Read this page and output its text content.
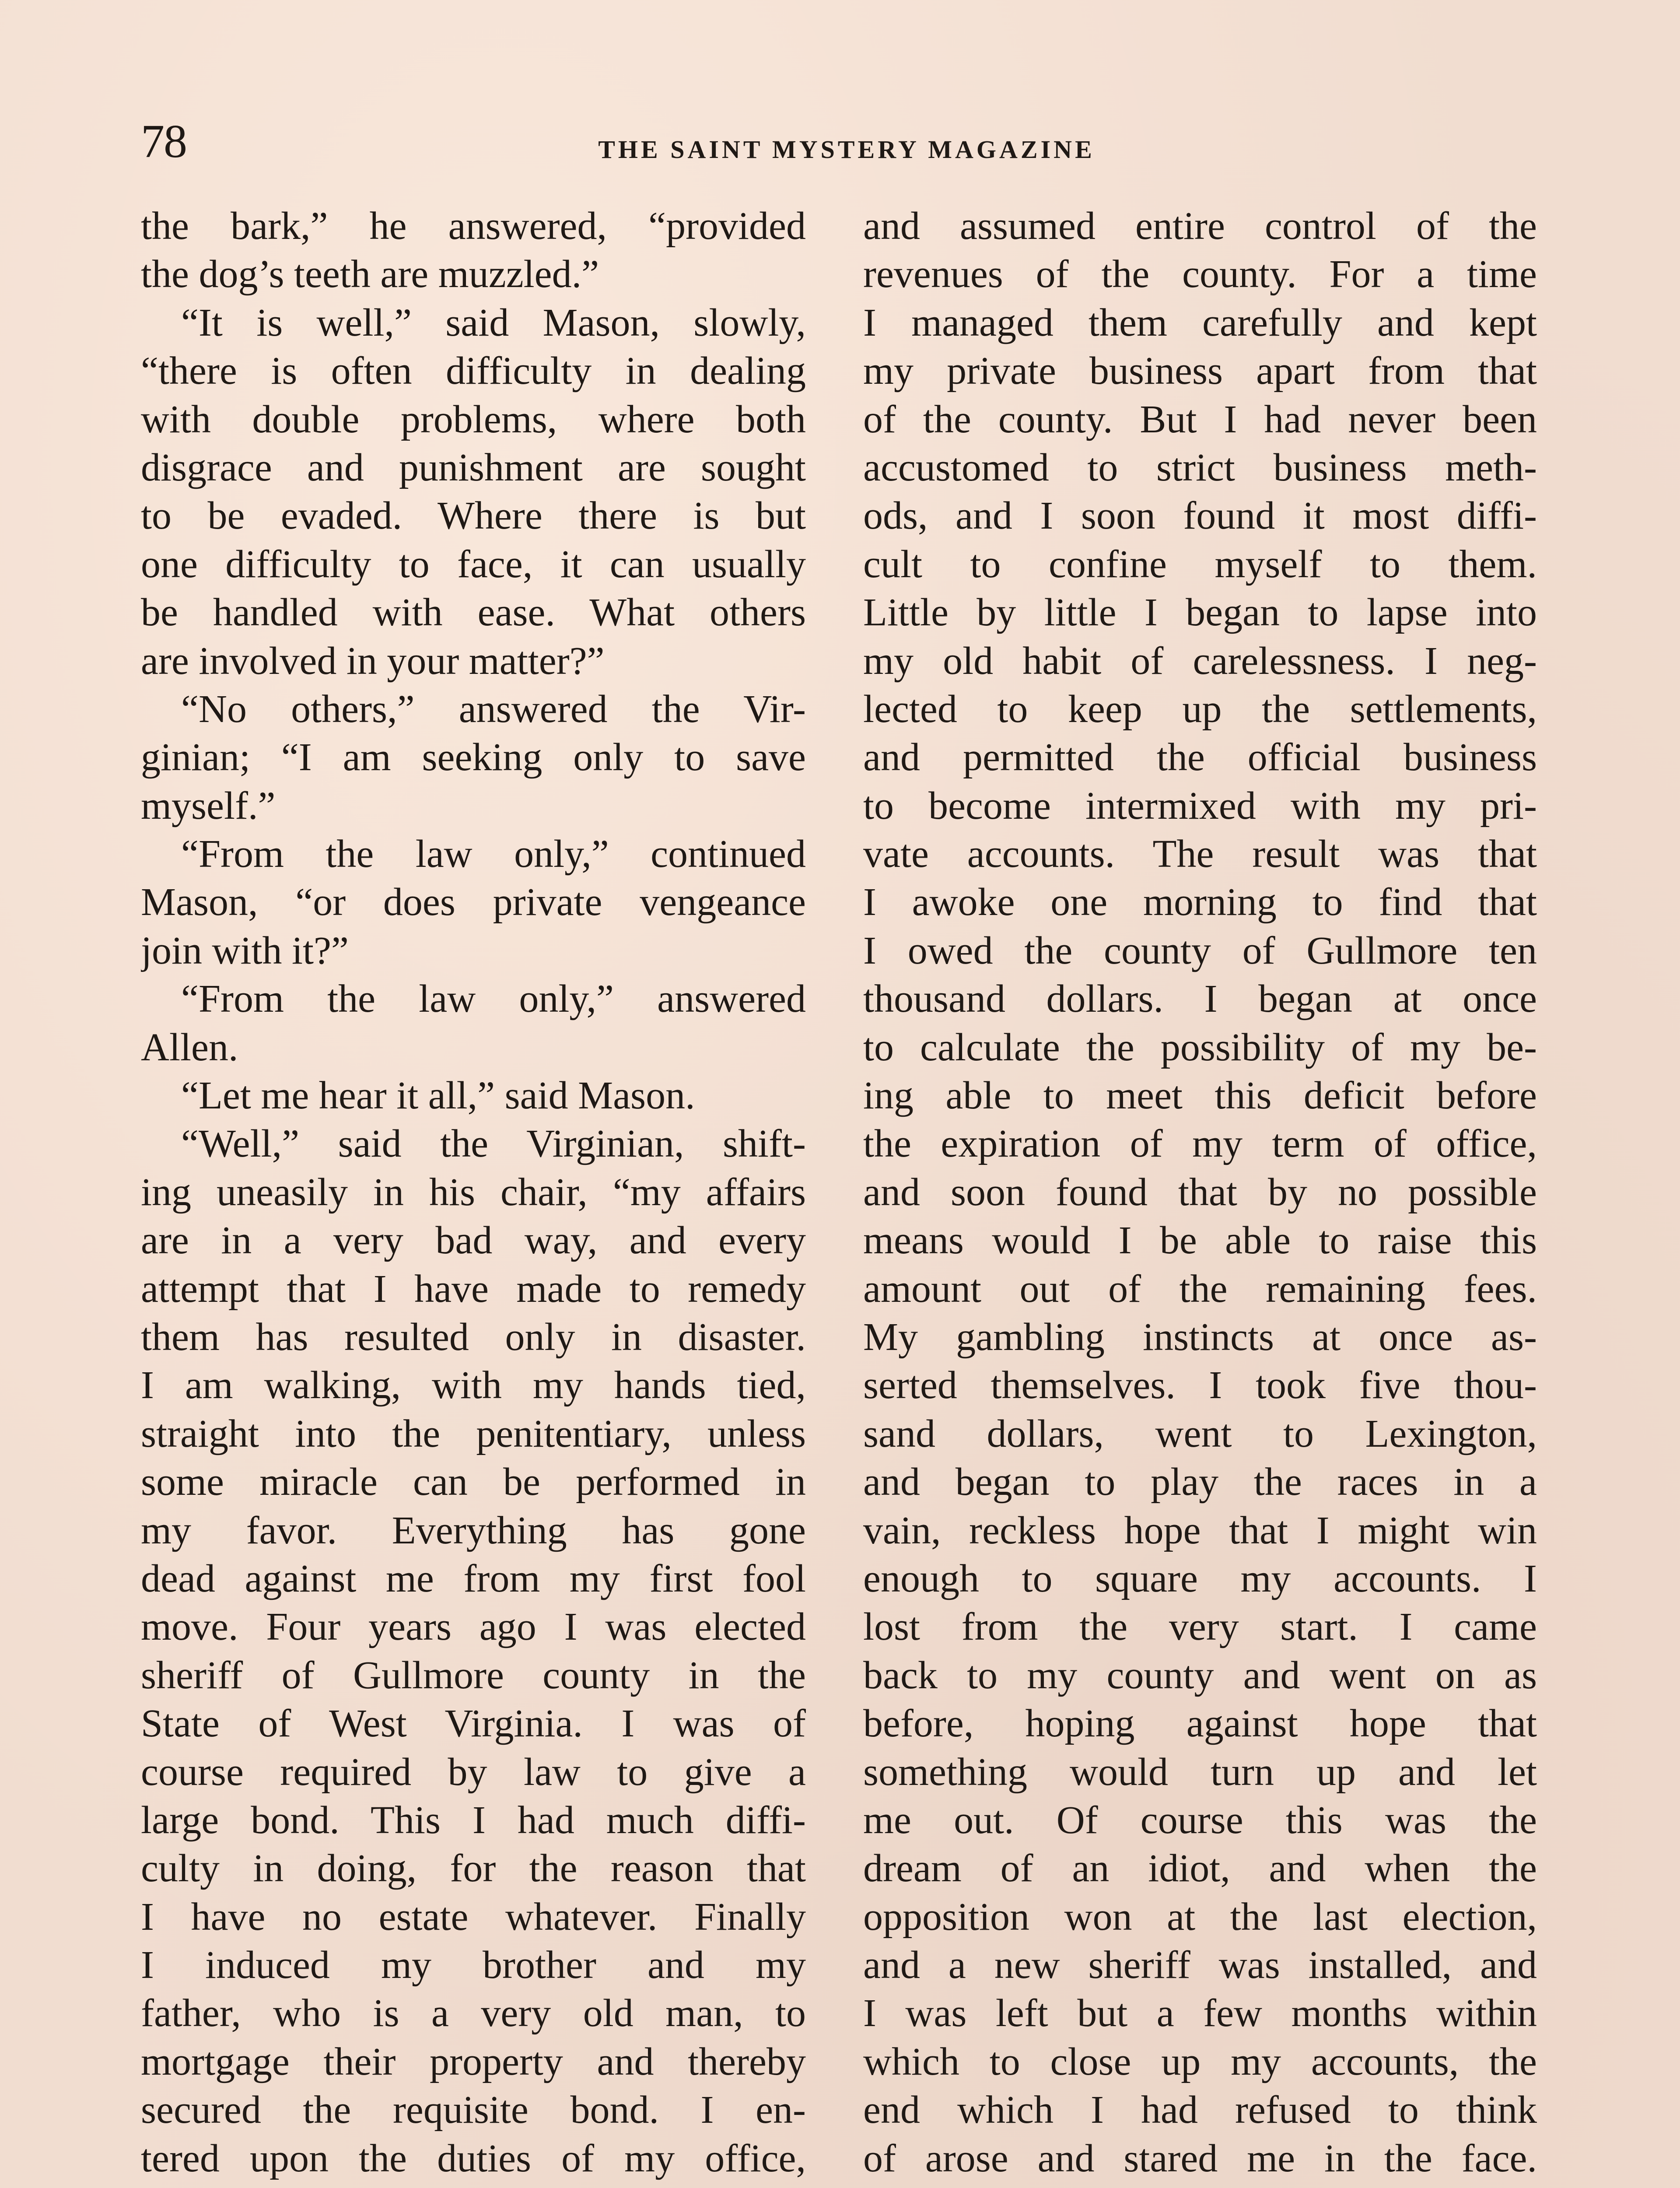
78	THE SAINT MYSTERY MAGAZINE
the bark,” he answered, “provided
the dog’s teeth are muzzled.”
“It is well,” said Mason, slowly,
“there is often difficulty in dealing
with double problems, where both
disgrace and punishment are sought
to be evaded. Where there is but
one difficulty to face, it can usually
be handled with ease. What others
are involved in your matter?”
“No others,” answered the Vir-
ginian; “I am seeking only to save
myself.”
“From the law only,” continued
Mason, “or does private vengeance
join with it?”
“From the law only,” answered
Allen.
“Let me hear it all,” said Mason.
“Well,” said the Virginian, shift-
ing uneasily in his chair, “my affairs
are in a very bad way, and every
attempt that I have made to remedy
them has resulted only in disaster.
I am walking, with my hands tied,
straight into the penitentiary, unless
some miracle can be performed in
my favor. Everything has gone
dead against me from my first fool
move. Four years ago I was elected
sheriff of Gullmore county in the
State of West Virginia. I was of
course required by law to give a
large bond. This I had much diffi-
culty in doing, for the reason that
I have no estate whatever. Finally
I induced my brother and my
father, who is a very old man, to
mortgage their property and thereby
secured the requisite bond. I en-
tered upon the duties of my office,
and assumed entire control of the
revenues of the county. For a time
I managed them carefully and kept
my private business apart from that
of the county. But I had never been
accustomed to strict business meth-
ods, and I soon found it most diffi-
cult to confine myself to them.
Little by little I began to lapse into
my old habit of carelessness. I neg-
lected to keep up the settlements,
and permitted the official business
to become intermixed with my pri-
vate accounts. The result was that
I awoke one morning to find that
I owed the county of Gullmore ten
thousand dollars. I began at once
to calculate the possibility of my be-
ing able to meet this deficit before
the expiration of my term of office,
and soon found that by no possible
means would I be able to raise this
amount out of the remaining fees.
My gambling instincts at once as-
serted themselves. I took five thou-
sand dollars, went to Lexington,
and began to play the races in a
vain, reckless hope that I might win
enough to square my accounts. I
lost from the very start. I came
back to my county and went on as
before, hoping against hope that
something would turn up and let
me out. Of course this was the
dream of an idiot, and when the
opposition won at the last election,
and a new sheriff was installed, and
I was left but a few months within
which to close up my accounts, the
end which I had refused to think
of arose and stared me in the face.
